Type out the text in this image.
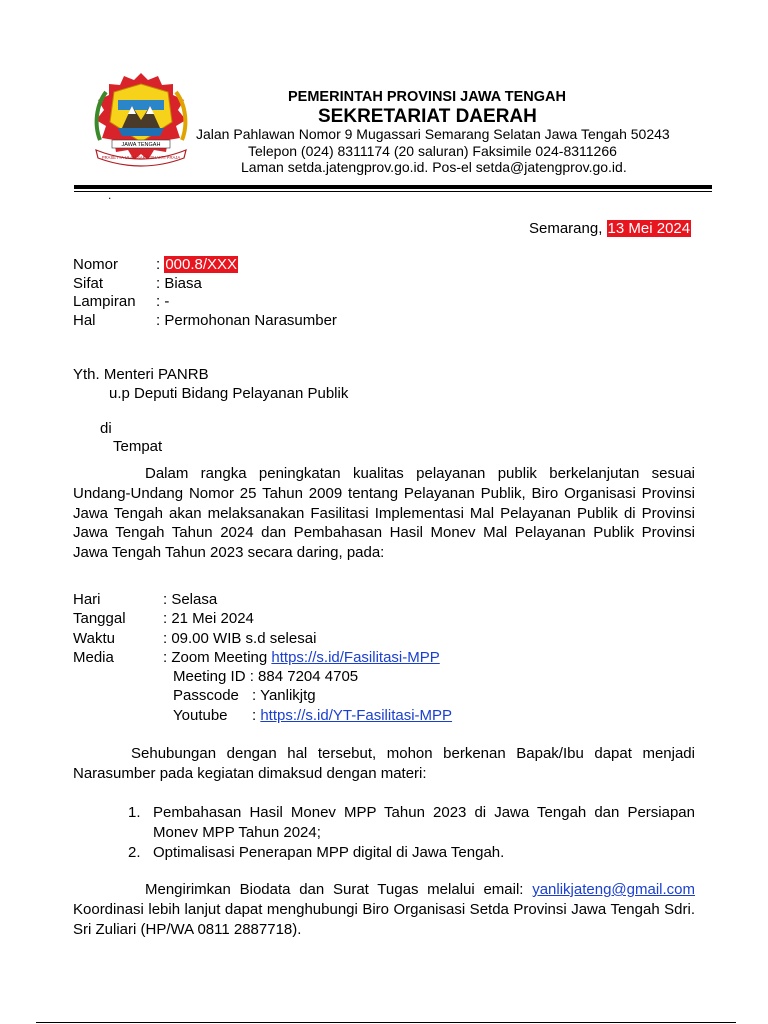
JAWA TENGAH
PRASETYA ULAH SAKTI BHAKTI PRAJA
PEMERINTAH PROVINSI JAWA TENGAH
SEKRETARIAT DAERAH
Jalan Pahlawan Nomor 9 Mugassari Semarang Selatan Jawa Tengah 50243
Telepon (024) 8311174 (20 saluran) Faksimile 024-8311266
Laman setda.jatengprov.go.id. Pos-el setda@jatengprov.go.id.
.
Semarang, 13 Mei 2024
Nomor	: 000.8/XXX
Sifat	: Biasa
Lampiran : -
Hal	: Permohonan Narasumber
Yth. Menteri PANRB
u.p Deputi Bidang Pelayanan Publik
di
Tempat
Dalam rangka peningkatan kualitas pelayanan publik berkelanjutan sesuai Undang-Undang Nomor 25 Tahun 2009 tentang Pelayanan Publik, Biro Organisasi Provinsi Jawa Tengah akan melaksanakan Fasilitasi Implementasi Mal Pelayanan Publik di Provinsi Jawa Tengah Tahun 2024 dan Pembahasan Hasil Monev Mal Pelayanan Publik Provinsi Jawa Tengah Tahun 2023 secara daring, pada:
Hari	: Selasa
Tanggal : 21 Mei 2024
Waktu	: 09.00 WIB s.d selesai
Media	: Zoom Meeting https://s.id/Fasilitasi-MPP
Meeting ID : 884 7204 4705
Passcode : Yanlikjtg
Youtube : https://s.id/YT-Fasilitasi-MPP
Sehubungan dengan hal tersebut, mohon berkenan Bapak/Ibu dapat menjadi Narasumber pada kegiatan dimaksud dengan materi:
1. Pembahasan Hasil Monev MPP Tahun 2023 di Jawa Tengah dan Persiapan Monev MPP Tahun 2024;
2. Optimalisasi Penerapan MPP digital di Jawa Tengah.
Mengirimkan Biodata dan Surat Tugas melalui email: yanlikjateng@gmail.com Koordinasi lebih lanjut dapat menghubungi Biro Organisasi Setda Provinsi Jawa Tengah Sdri. Sri Zuliari (HP/WA 0811 2887718).
